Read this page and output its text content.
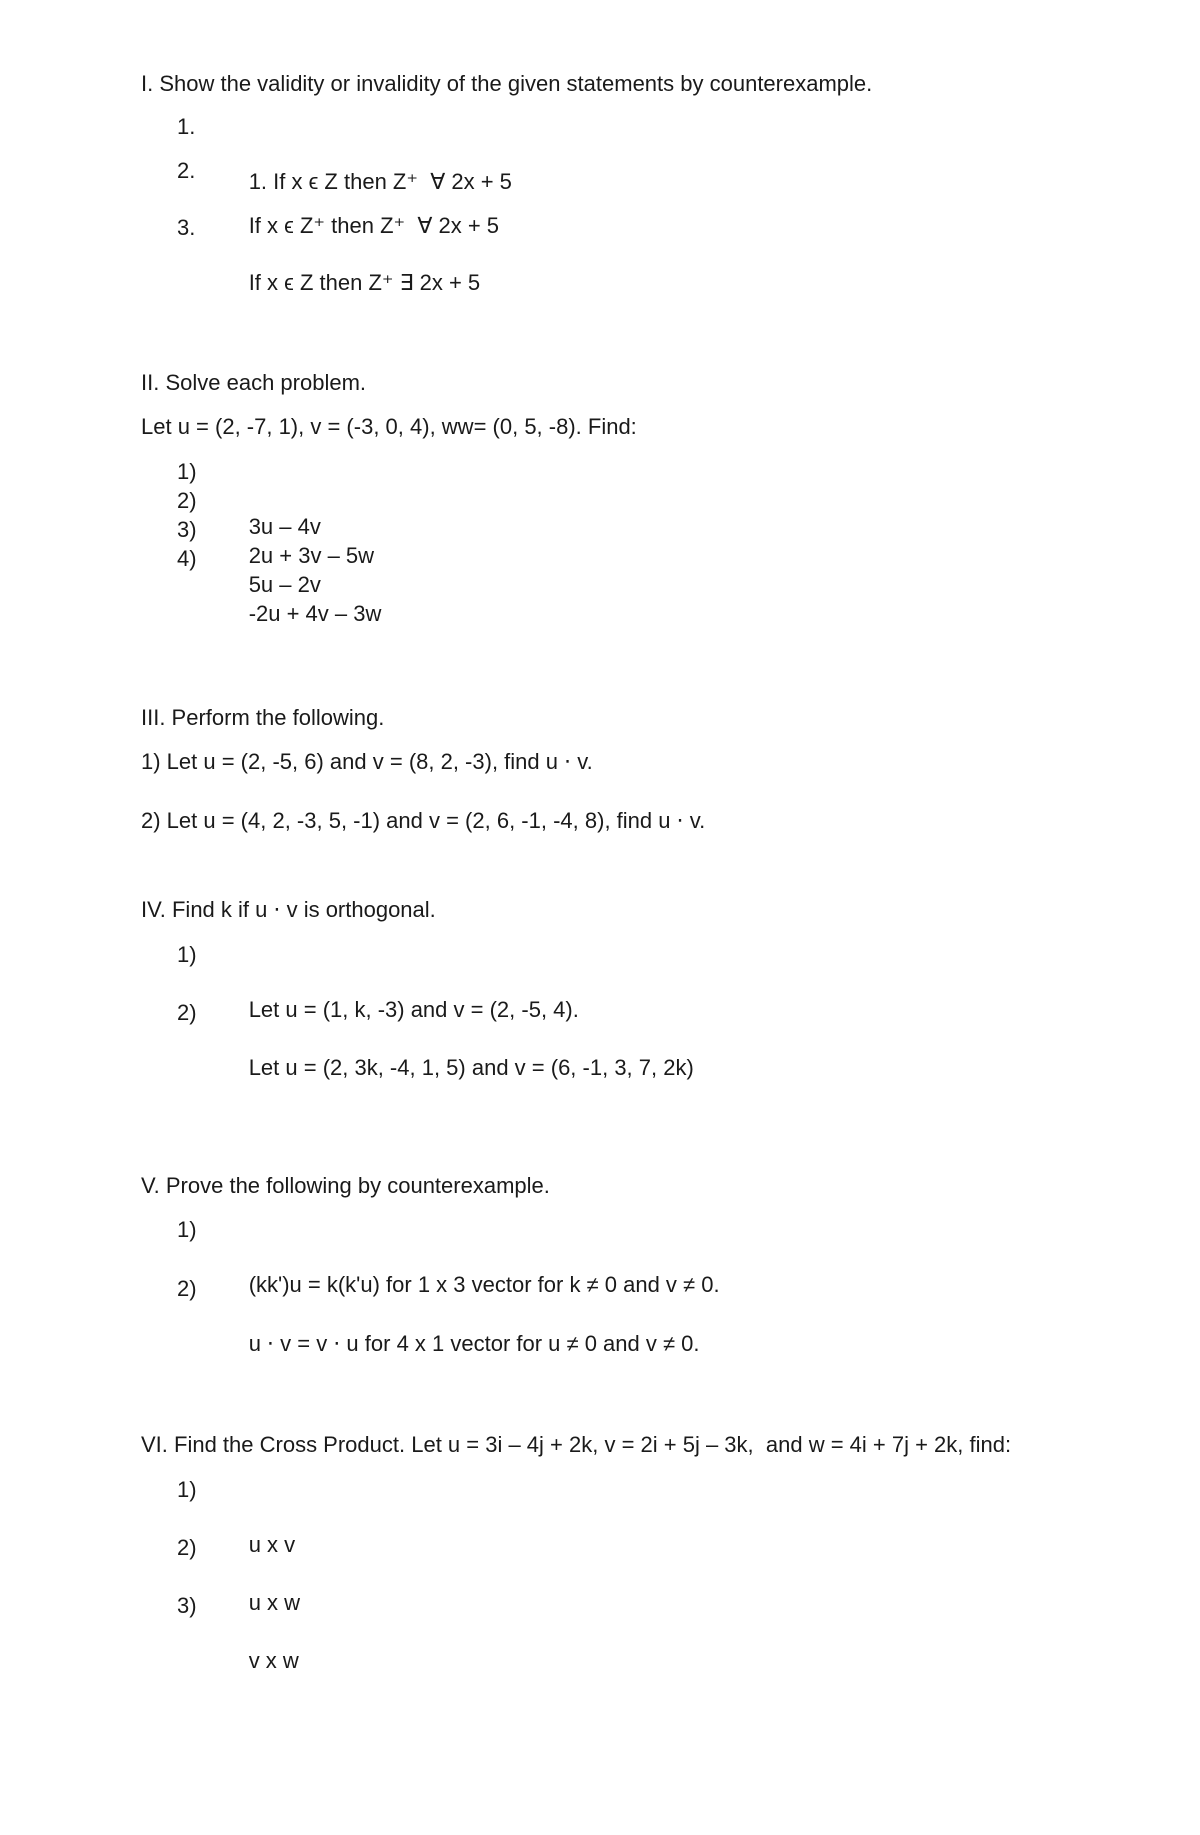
I. Show the validity or invalidity of the given statements by counterexample.

1.

1. If x ϵ Z then Z⁺  ∀ 2x + 5

2.

If x ϵ Z⁺ then Z⁺  ∀ 2x + 5

3.

If x ϵ Z then Z⁺ ∃ 2x + 5

II. Solve each problem.

Let u = (2, -7, 1), v = (-3, 0, 4), ww= (0, 5, -8). Find:

1)

3u – 4v

2)

2u + 3v – 5w

3)

5u – 2v

4)

-2u + 4v – 3w

III. Perform the following.

1) Let u = (2, -5, 6) and v = (8, 2, -3), find u ⋅ v.

2) Let u = (4, 2, -3, 5, -1) and v = (2, 6, -1, -4, 8), find u ⋅ v.

IV. Find k if u ⋅ v is orthogonal.

1)

Let u = (1, k, -3) and v = (2, -5, 4).

2)

Let u = (2, 3k, -4, 1, 5) and v = (6, -1, 3, 7, 2k)

V. Prove the following by counterexample.

1)

(kk')u = k(k'u) for 1 x 3 vector for k ≠ 0 and v ≠ 0.

2)

u ⋅ v = v ⋅ u for 4 x 1 vector for u ≠ 0 and v ≠ 0.

VI. Find the Cross Product. Let u = 3i – 4j + 2k, v = 2i + 5j – 3k,  and w = 4i + 7j + 2k, find:

1)

u x v

2)

u x w

3)

v x w
